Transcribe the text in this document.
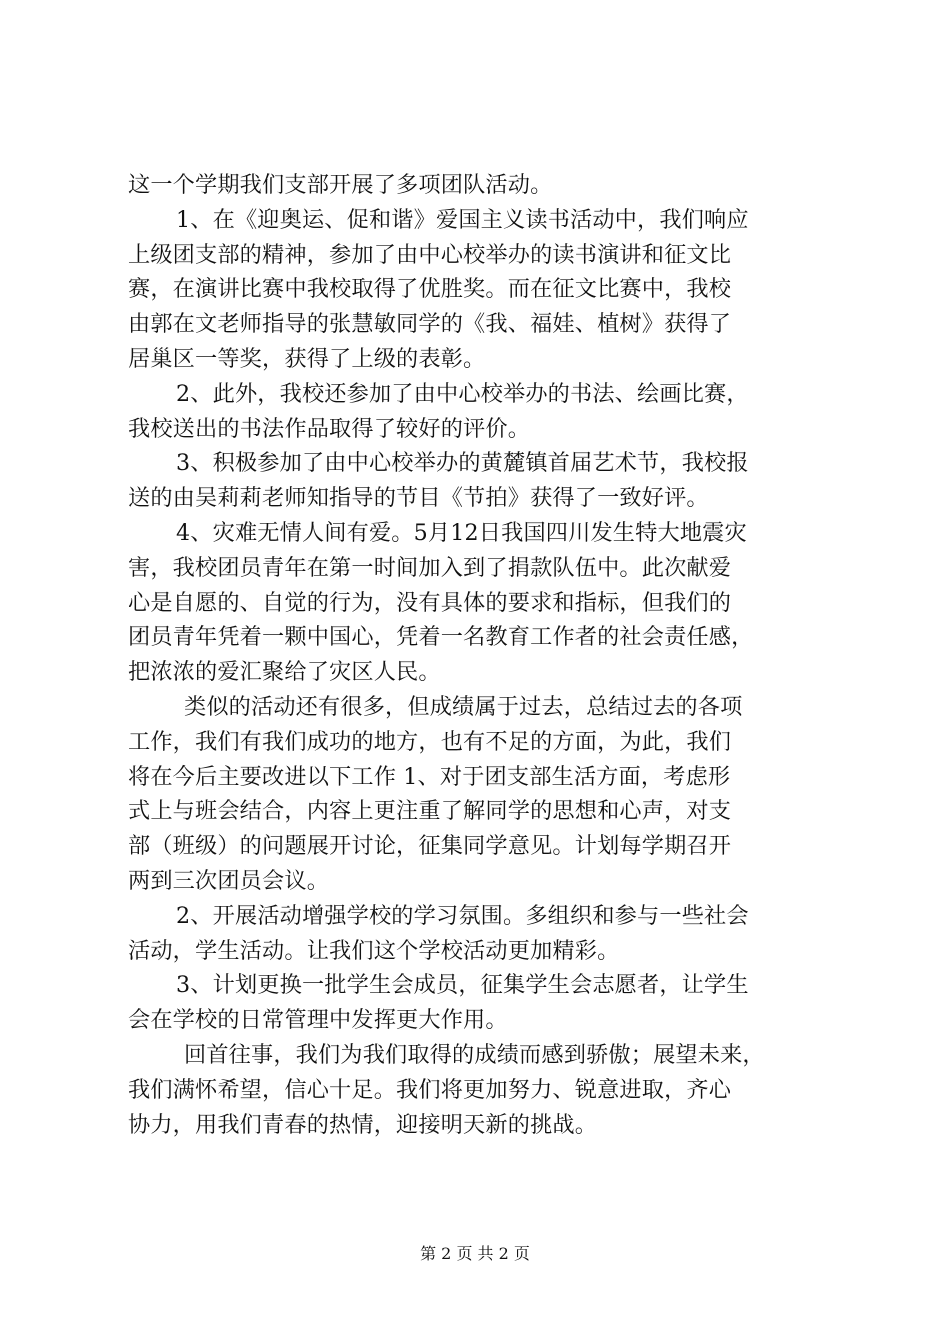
这一个学期我们支部开展了多项团队活动。
1、在《迎奥运、促和谐》爱国主义读书活动中，我们响应
上级团支部的精神，参加了由中心校举办的读书演讲和征文比
赛，在演讲比赛中我校取得了优胜奖。而在征文比赛中，我校
由郭在文老师指导的张慧敏同学的《我、福娃、植树》获得了
居巢区一等奖，获得了上级的表彰。
2、此外，我校还参加了由中心校举办的书法、绘画比赛，
我校送出的书法作品取得了较好的评价。
3、积极参加了由中心校举办的黄麓镇首届艺术节，我校报
送的由吴莉莉老师知指导的节目《节拍》获得了一致好评。
4、灾难无情人间有爱。5月12日我国四川发生特大地震灾
害，我校团员青年在第一时间加入到了捐款队伍中。此次献爱
心是自愿的、自觉的行为，没有具体的要求和指标，但我们的
团员青年凭着一颗中国心，凭着一名教育工作者的社会责任感，
把浓浓的爱汇聚给了灾区人民。
类似的活动还有很多，但成绩属于过去，总结过去的各项
工作，我们有我们成功的地方，也有不足的方面，为此，我们
将在今后主要改进以下工作 1、对于团支部生活方面，考虑形
式上与班会结合，内容上更注重了解同学的思想和心声，对支
部（班级）的问题展开讨论，征集同学意见。计划每学期召开
两到三次团员会议。
2、开展活动增强学校的学习氛围。多组织和参与一些社会
活动，学生活动。让我们这个学校活动更加精彩。
3、计划更换一批学生会成员，征集学生会志愿者，让学生
会在学校的日常管理中发挥更大作用。
回首往事，我们为我们取得的成绩而感到骄傲；展望未来，
我们满怀希望，信心十足。我们将更加努力、锐意进取，齐心
协力，用我们青春的热情，迎接明天新的挑战。
第 2 页 共 2 页
